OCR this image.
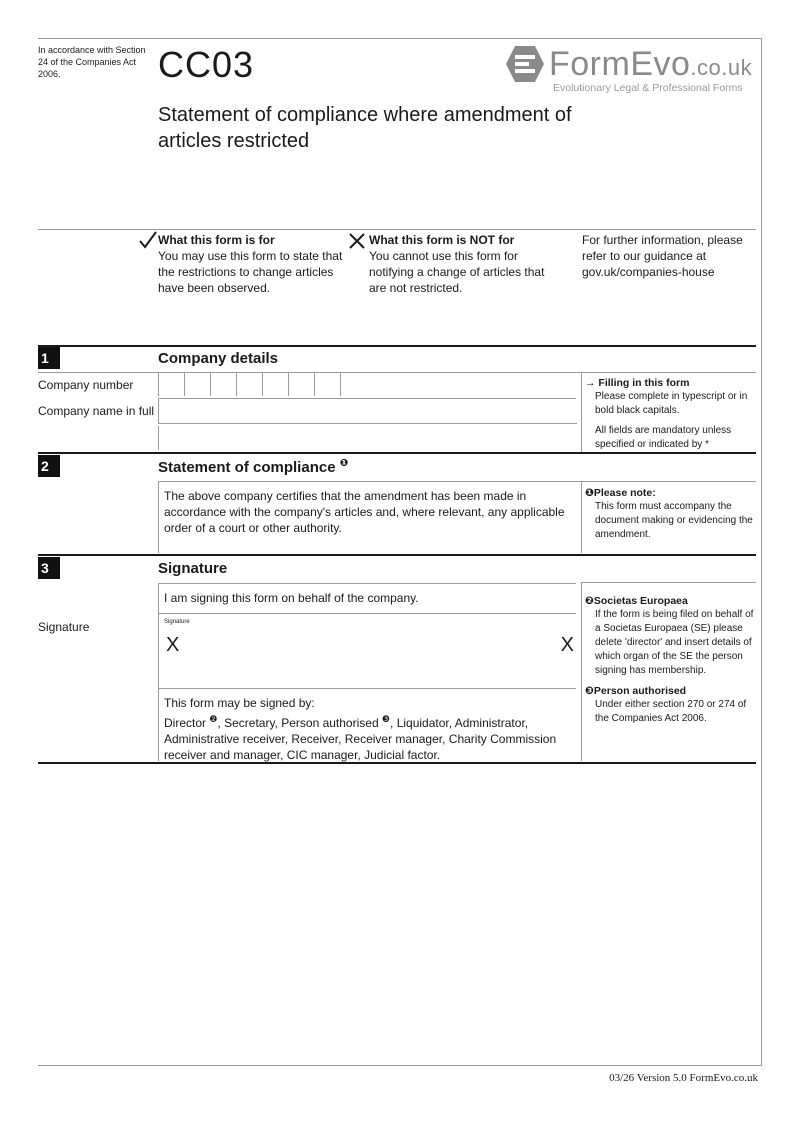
In accordance with Section 24 of the Companies Act 2006.	CC03
Statement of compliance where amendment of articles restricted
FormEvo.co.uk
Evolutionary Legal & Professional Forms
What this form is for
You may use this form to state that the restrictions to change articles have been observed.
What this form is NOT for
You cannot use this form for notifying a change of articles that are not restricted.
For further information, please refer to our guidance at gov.uk/companies-house
1	Company details
Company number
Company name in full
→ Filling in this form
Please complete in typescript or in bold black capitals.
All fields are mandatory unless specified or indicated by *
2	Statement of compliance $^❶$
The above company certifies that the amendment has been made in accordance with the company's articles and, where relevant, any applicable order of a court or other authority.
❶Please note:
This form must accompany the document making or evidencing the amendment.
3	Signature
I am signing this form on behalf of the company.
Signature	Signature
X	X
This form may be signed by:
Director $^❷$, Secretary, Person authorised $^❸$, Liquidator, Administrator, Administrative receiver, Receiver, Receiver manager, Charity Commission receiver and manager, CIC manager, Judicial factor.
❷Societas Europaea
If the form is being filed on behalf of a Societas Europaea (SE) please delete 'director' and insert details of which organ of the SE the person signing has membership.
❸Person authorised
Under either section 270 or 274 of the Companies Act 2006.
03/26 Version 5.0 FormEvo.co.uk
